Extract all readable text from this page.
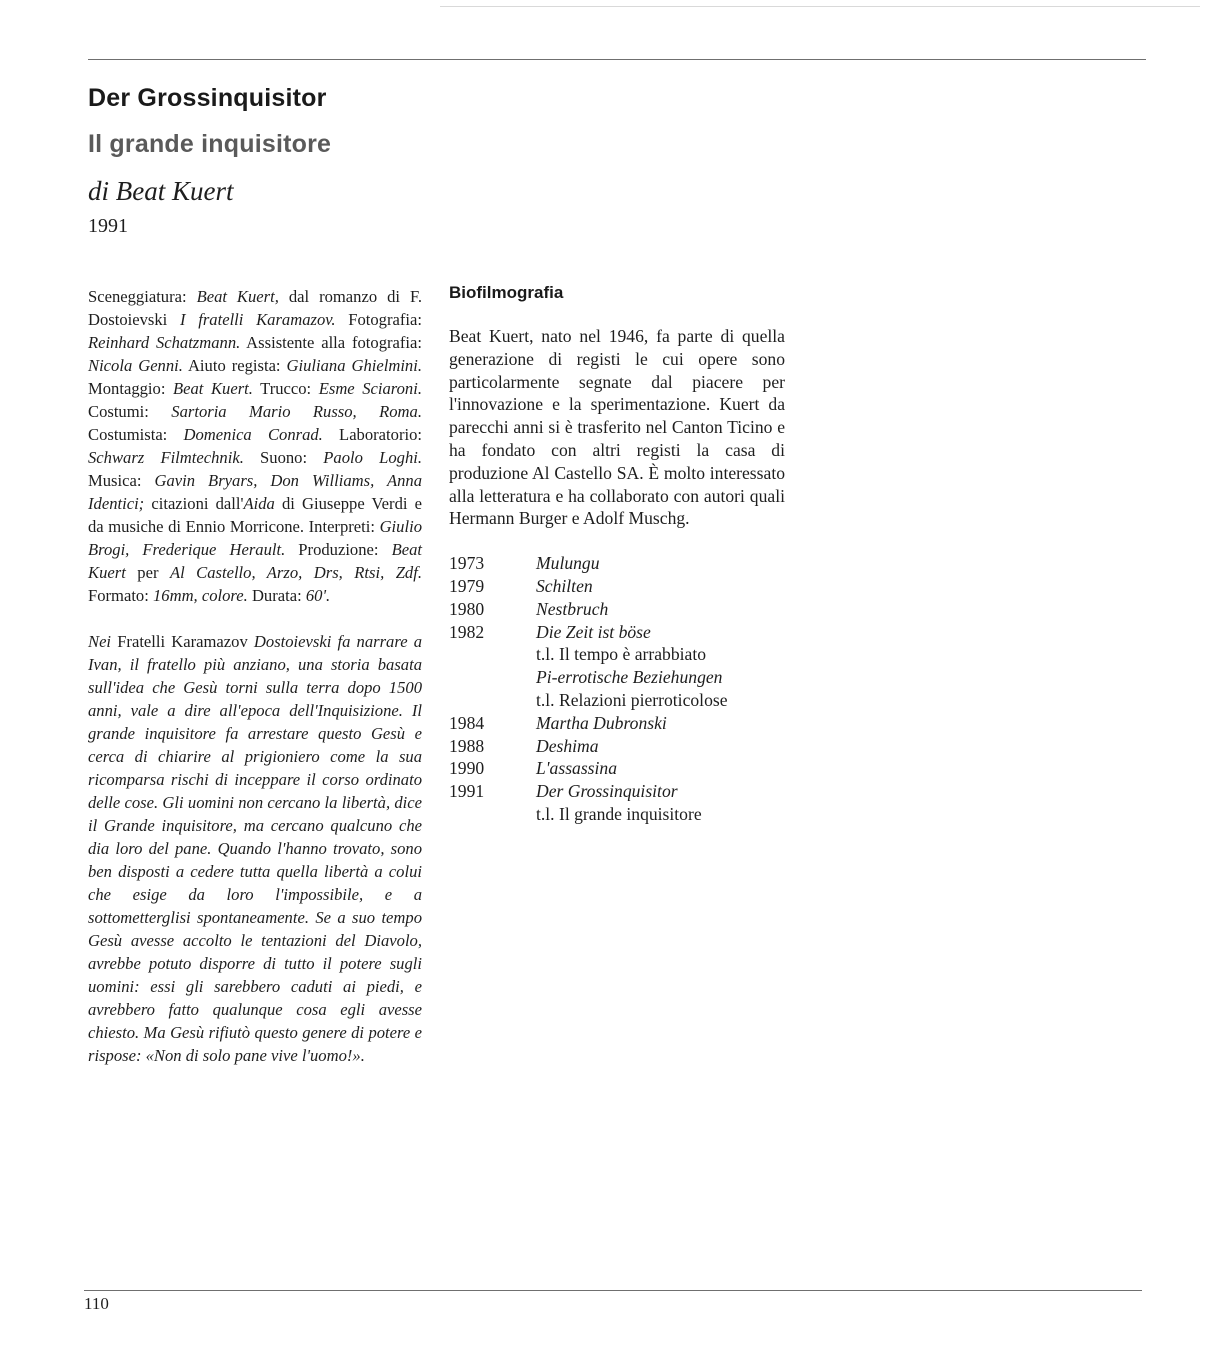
Der Grossinquisitor
Il grande inquisitore
di Beat Kuert
1991

Sceneggiatura: Beat Kuert, dal romanzo di F. Dostoievski I fratelli Karamazov. Fotografia: Reinhard Schatzmann. Assistente alla fotografia: Nicola Genni. Aiuto regista: Giuliana Ghielmini. Montaggio: Beat Kuert. Trucco: Esme Sciaroni. Costumi: Sartoria Mario Russo, Roma. Costumista: Domenica Conrad. Laboratorio: Schwarz Filmtechnik. Suono: Paolo Loghi. Musica: Gavin Bryars, Don Williams, Anna Identici; citazioni dall'Aida di Giuseppe Verdi e da musiche di Ennio Morricone. Interpreti: Giulio Brogi, Frederique Herault. Produzione: Beat Kuert per Al Castello, Arzo, Drs, Rtsi, Zdf. Formato: 16mm, colore. Durata: 60'.

Nei Fratelli Karamazov Dostoievski fa narrare a Ivan, il fratello più anziano, una storia basata sull'idea che Gesù torni sulla terra dopo 1500 anni, vale a dire all'epoca dell'Inquisizione. Il grande inquisitore fa arrestare questo Gesù e cerca di chiarire al prigioniero come la sua ricomparsa rischi di inceppare il corso ordinato delle cose. Gli uomini non cercano la libertà, dice il Grande inquisitore, ma cercano qualcuno che dia loro del pane. Quando l'hanno trovato, sono ben disposti a cedere tutta quella libertà a colui che esige da loro l'impossibile, e a sottometterglisi spontaneamente. Se a suo tempo Gesù avesse accolto le tentazioni del Diavolo, avrebbe potuto disporre di tutto il potere sugli uomini: essi gli sarebbero caduti ai piedi, e avrebbero fatto qualunque cosa egli avesse chiesto. Ma Gesù rifiutò questo genere di potere e rispose: «Non di solo pane vive l'uomo!».

Biofilmografia

Beat Kuert, nato nel 1946, fa parte di quella generazione di registi le cui opere sono particolarmente segnate dal piacere per l'innovazione e la sperimentazione. Kuert da parecchi anni si è trasferito nel Canton Ticino e ha fondato con altri registi la casa di produzione Al Castello SA. È molto interessato alla letteratura e ha collaborato con autori quali Hermann Burger e Adolf Muschg.

1973	Mulungu
1979	Schilten
1980	Nestbruch
1982	Die Zeit ist böse
t.l. Il tempo è arrabbiato
Pi-errotische Beziehungen
t.l. Relazioni pierroticolose
1984	Martha Dubronski
1988	Deshima
1990	L'assassina
1991	Der Grossinquisitor
t.l. Il grande inquisitore
110
